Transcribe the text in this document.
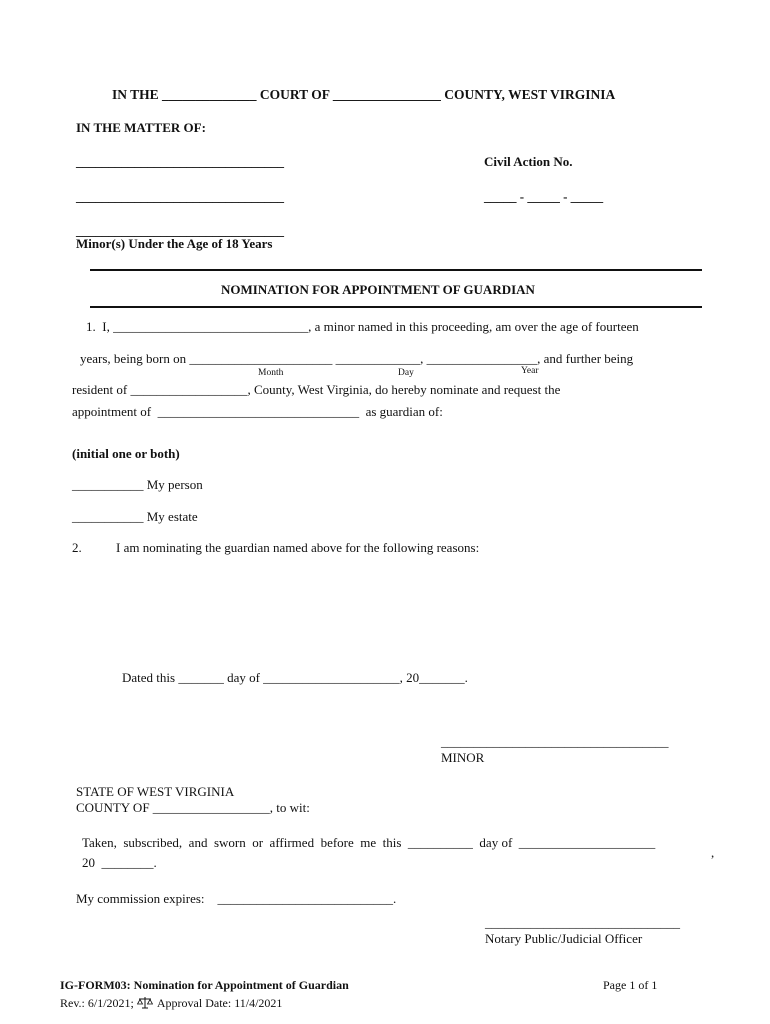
IN THE ______________ COURT OF ________________ COUNTY, WEST VIRGINIA
IN THE MATTER OF:
________________________________
________________________________
________________________________
Minor(s) Under the Age of 18 Years
Civil Action No.
_____ - _____ - _____
NOMINATION FOR APPOINTMENT OF GUARDIAN
1.  I, ______________________________, a minor named in this proceeding, am over the age of fourteen
years, being born on ______________________ _____________, _________________, and further being
Month	Day	Year
resident of __________________, County, West Virginia, do hereby nominate and request the
appointment of  _______________________________  as guardian of:
(initial one or both)
___________ My person
___________ My estate
2.	I am nominating the guardian named above for the following reasons:
Dated this _______ day of _____________________, 20_______.
___________________________________
MINOR
STATE OF WEST VIRGINIA
COUNTY OF __________________, to wit:
Taken,  subscribed,  and  sworn  or  affirmed  before  me  this  __________  day of  _____________________
,
20  ________.
My commission expires:    ___________________________.
______________________________
Notary Public/Judicial Officer
IG-FORM03: Nomination for Appointment of Guardian	Page 1 of 1
Rev.: 6/1/2021; Approval Date: 11/4/2021
